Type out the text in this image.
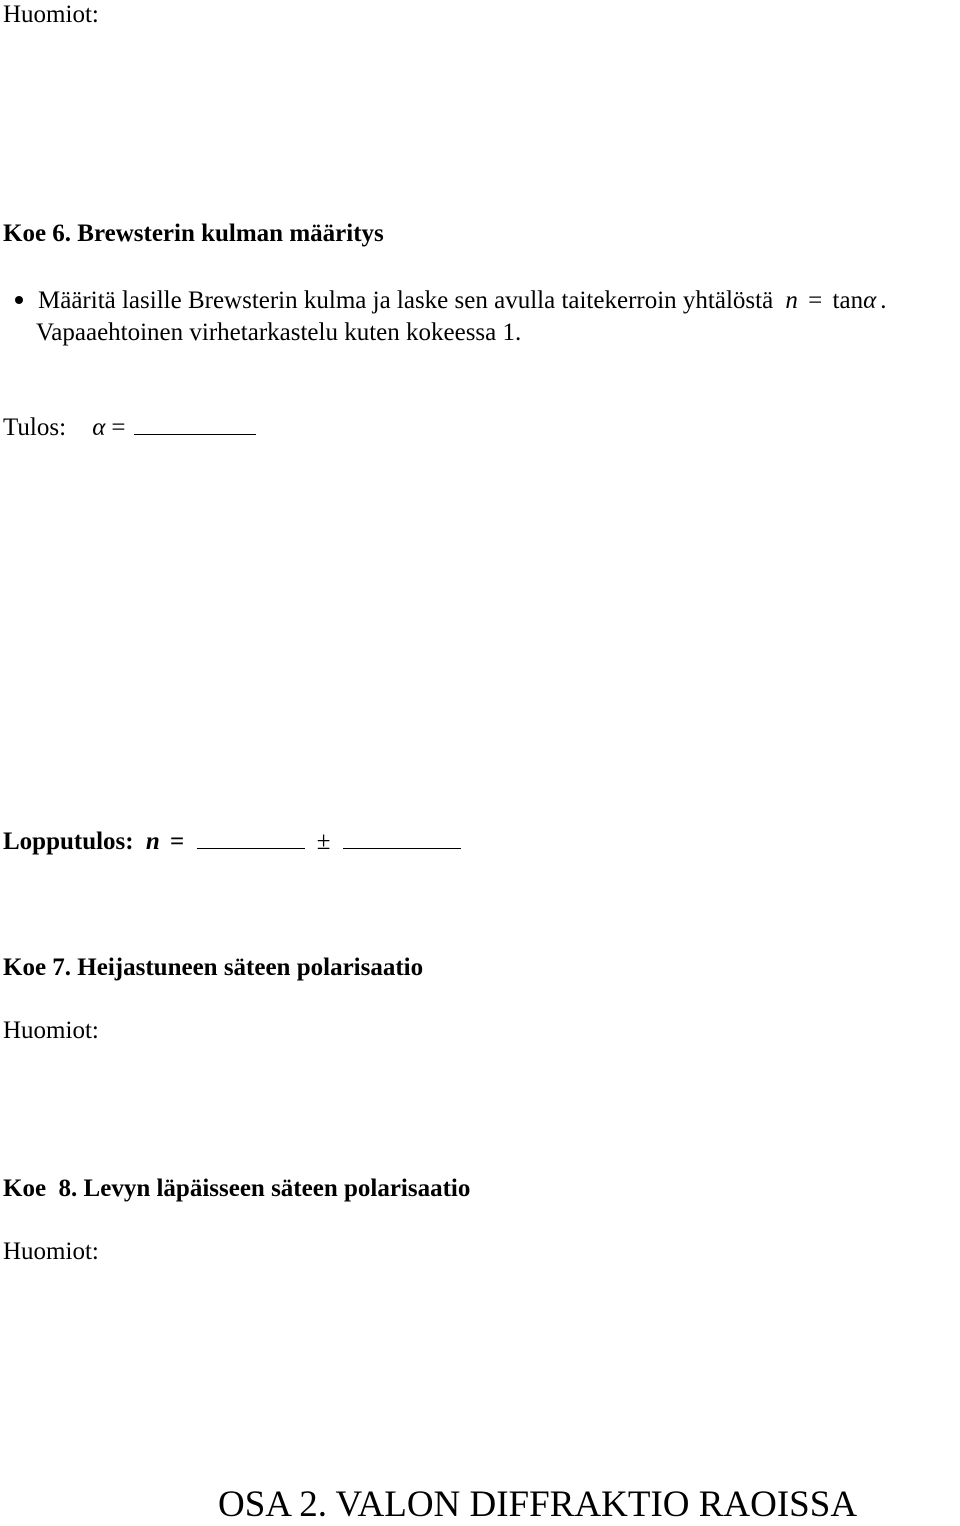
Huomiot:
Koe 6. Brewsterin kulman määritys
Määritä lasille Brewsterin kulma ja laske sen avulla taitekerroin yhtälöstä n = tanα .
Vapaaehtoinen virhetarkastelu kuten kokeessa 1.
Tulos: α =
Lopputulos: n =	±
Koe 7. Heijastuneen säteen polarisaatio
Huomiot:
Koe  8. Levyn läpäisseen säteen polarisaatio
Huomiot:
OSA 2. VALON DIFFRAKTIO RAOISSA
